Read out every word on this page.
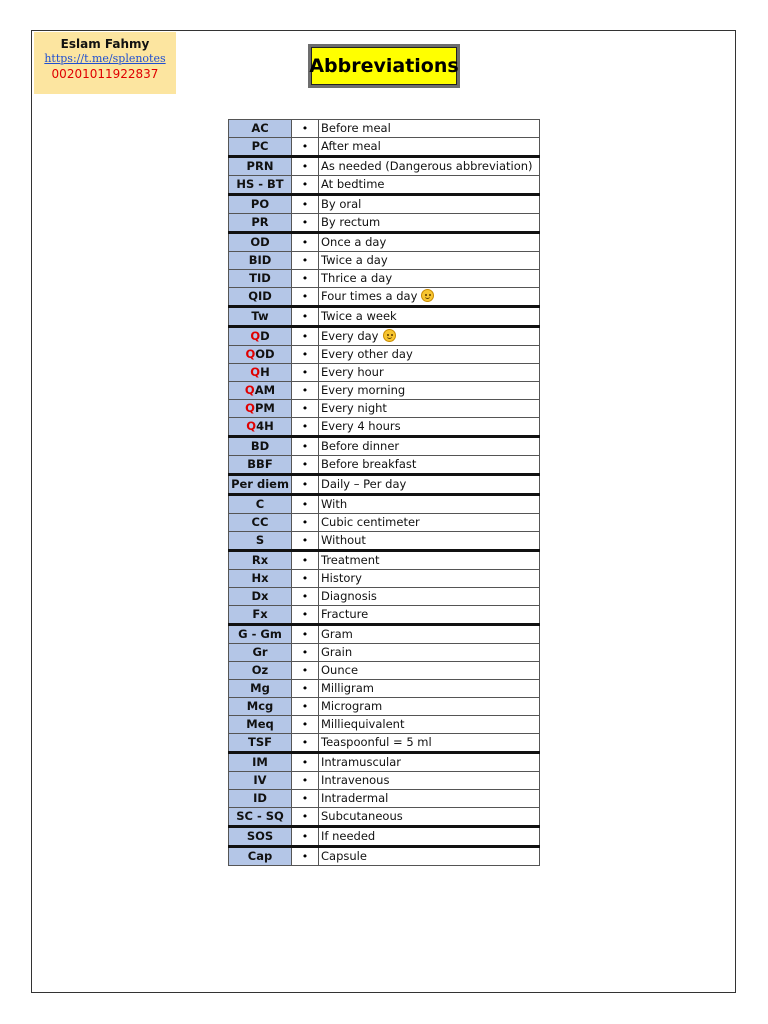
Eslam Fahmy
https://t.me/splenotes
00201011922837	Abbreviations
AC	•	Before meal
PC	•	After meal
PRN	•	As needed (Dangerous abbreviation)
HS - BT	•	At bedtime
PO	•	By oral
PR	•	By rectum
OD	•	Once a day
BID	•	Twice a day
TID	•	Thrice a day
QID	•	Four times a day
Tw	•	Twice a week
QD	•	Every day
QOD	•	Every other day
QH	•	Every hour
QAM	•	Every morning
QPM	•	Every night
Q4H	•	Every 4 hours
BD	•	Before dinner
BBF	•	Before breakfast
Per diem	•	Daily – Per day
C	•	With
CC	•	Cubic centimeter
S	•	Without
Rx	•	Treatment
Hx	•	History
Dx	•	Diagnosis
Fx	•	Fracture
G - Gm	•	Gram
Gr	•	Grain
Oz	•	Ounce
Mg	•	Milligram
Mcg	•	Microgram
Meq	•	Milliequivalent
TSF	•	Teaspoonful = 5 ml
IM	•	Intramuscular
IV	•	Intravenous
ID	•	Intradermal
SC - SQ	•	Subcutaneous
SOS	•	If needed
Cap	•	Capsule
